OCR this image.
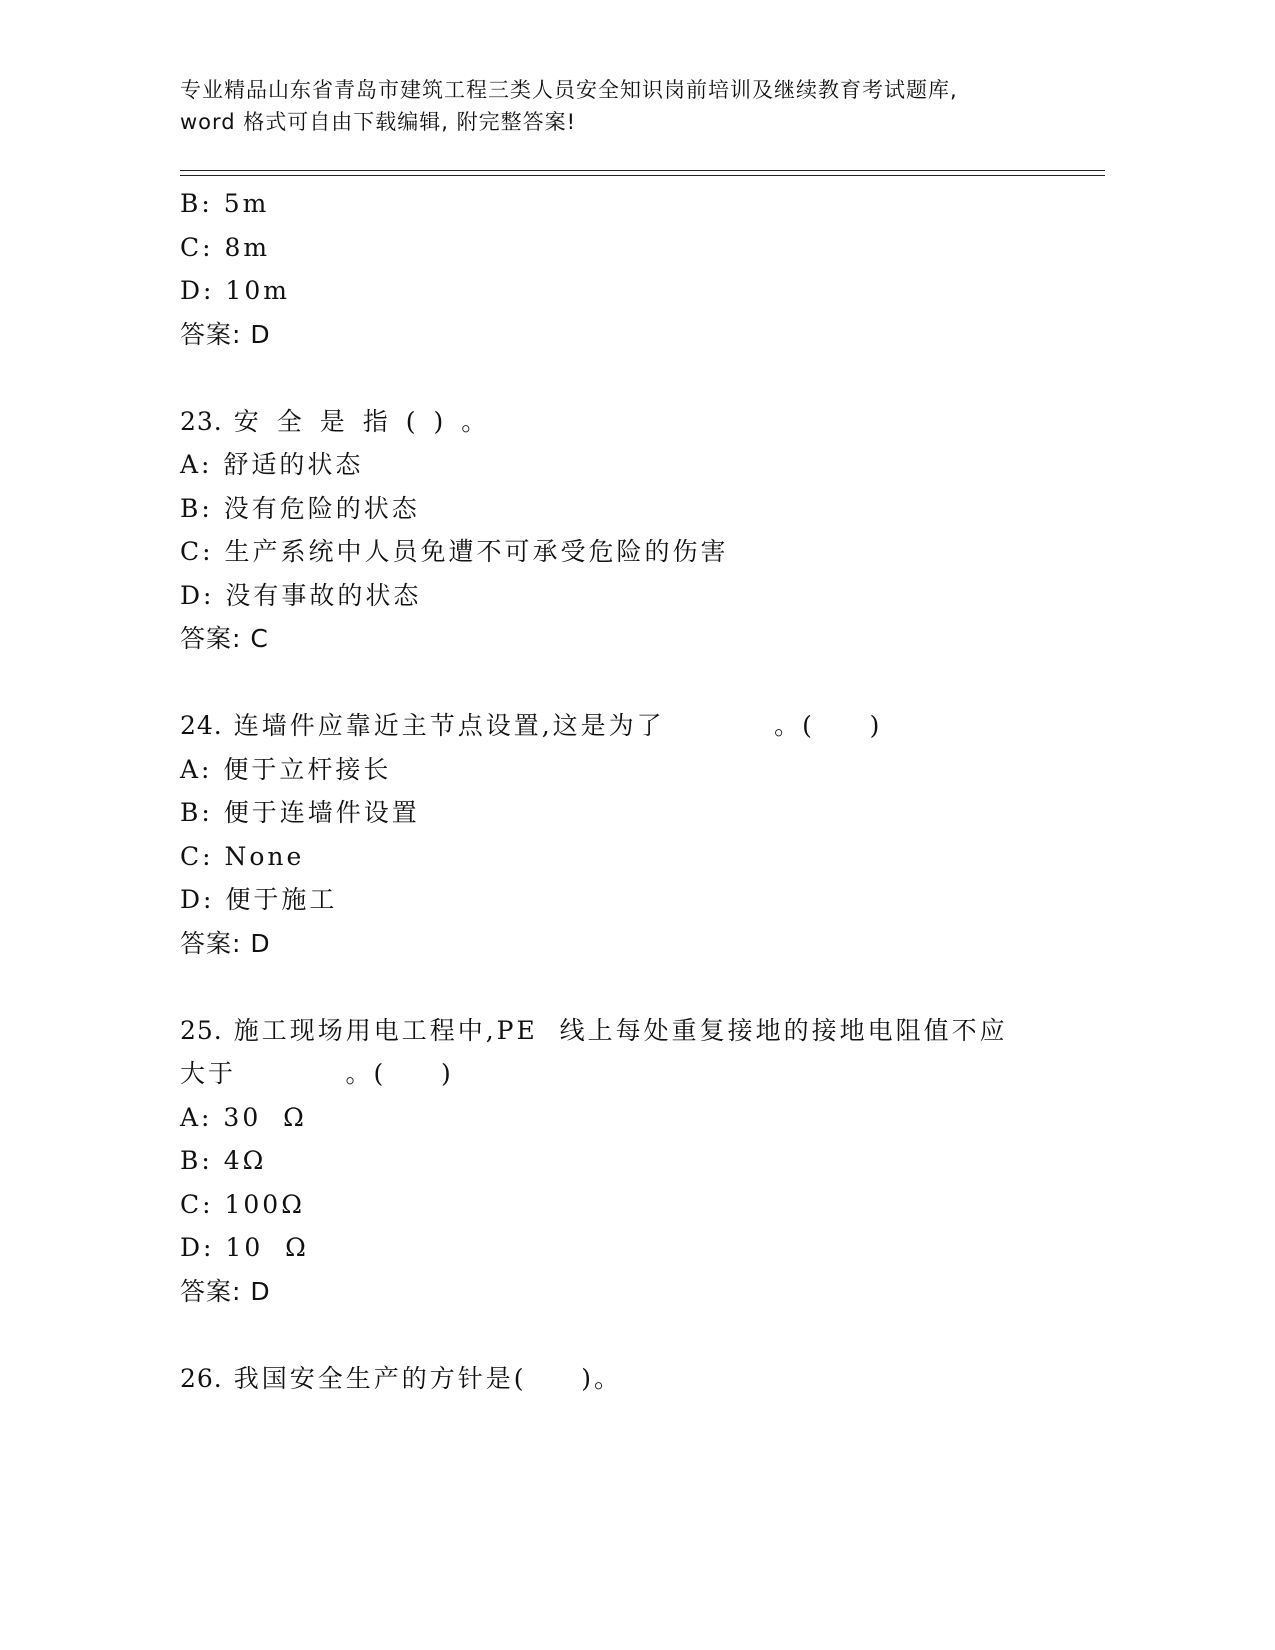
专业精品山东省青岛市建筑工程三类人员安全知识岗前培训及继续教育考试题库,
word 格式可自由下载编辑, 附完整答案!
B: 5m
C: 8m
D: 10m
答案: D
23. 安全是指()。
A: 舒适的状态
B: 没有危险的状态
C: 生产系统中人员免遭不可承受危险的伤害
D: 没有事故的状态
答案: C
24. 连墙件应靠近主节点设置,这是为了          。(     )
A: 便于立杆接长
B: 便于连墙件设置
C: None
D: 便于施工
答案: D
25. 施工现场用电工程中,PE  线上每处重复接地的接地电阻值不应大于          。(     )
A: 30  Ω
B: 4Ω
C: 100Ω
D: 10  Ω
答案: D
26. 我国安全生产的方针是(     )。
